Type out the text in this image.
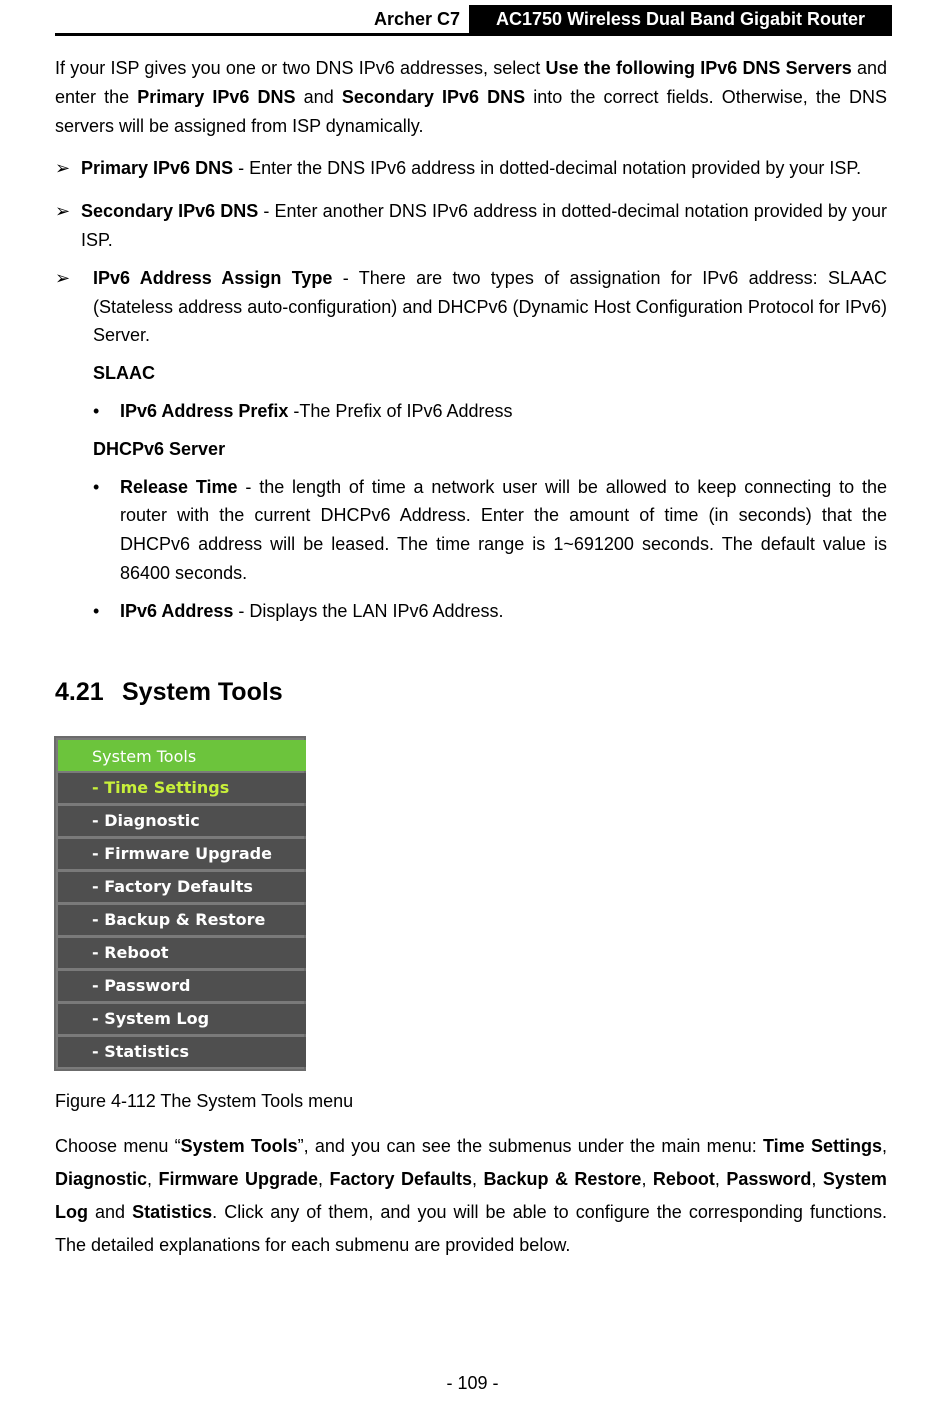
Archer C7	AC1750 Wireless Dual Band Gigabit Router

If your ISP gives you one or two DNS IPv6 addresses, select Use the following IPv6 DNS Servers and enter the Primary IPv6 DNS and Secondary IPv6 DNS into the correct fields. Otherwise, the DNS servers will be assigned from ISP dynamically.

➢ Primary IPv6 DNS - Enter the DNS IPv6 address in dotted-decimal notation provided by your ISP.
➢ Secondary IPv6 DNS - Enter another DNS IPv6 address in dotted-decimal notation provided by your ISP.
➢ IPv6 Address Assign Type - There are two types of assignation for IPv6 address: SLAAC (Stateless address auto-configuration) and DHCPv6 (Dynamic Host Configuration Protocol for IPv6) Server.
SLAAC
• IPv6 Address Prefix -The Prefix of IPv6 Address
DHCPv6 Server
• Release Time - the length of time a network user will be allowed to keep connecting to the router with the current DHCPv6 Address. Enter the amount of time (in seconds) that the DHCPv6 address will be leased. The time range is 1~691200 seconds. The default value is 86400 seconds.
• IPv6 Address - Displays the LAN IPv6 Address.
4.21 System Tools
System Tools
- Time Settings
- Diagnostic
- Firmware Upgrade
- Factory Defaults
- Backup & Restore
- Reboot
- Password
- System Log
- Statistics
Figure 4-112 The System Tools menu

Choose menu “System Tools”, and you can see the submenus under the main menu: Time Settings, Diagnostic, Firmware Upgrade, Factory Defaults, Backup & Restore, Reboot, Password, System Log and Statistics. Click any of them, and you will be able to configure the corresponding functions. The detailed explanations for each submenu are provided below.

- 109 -
